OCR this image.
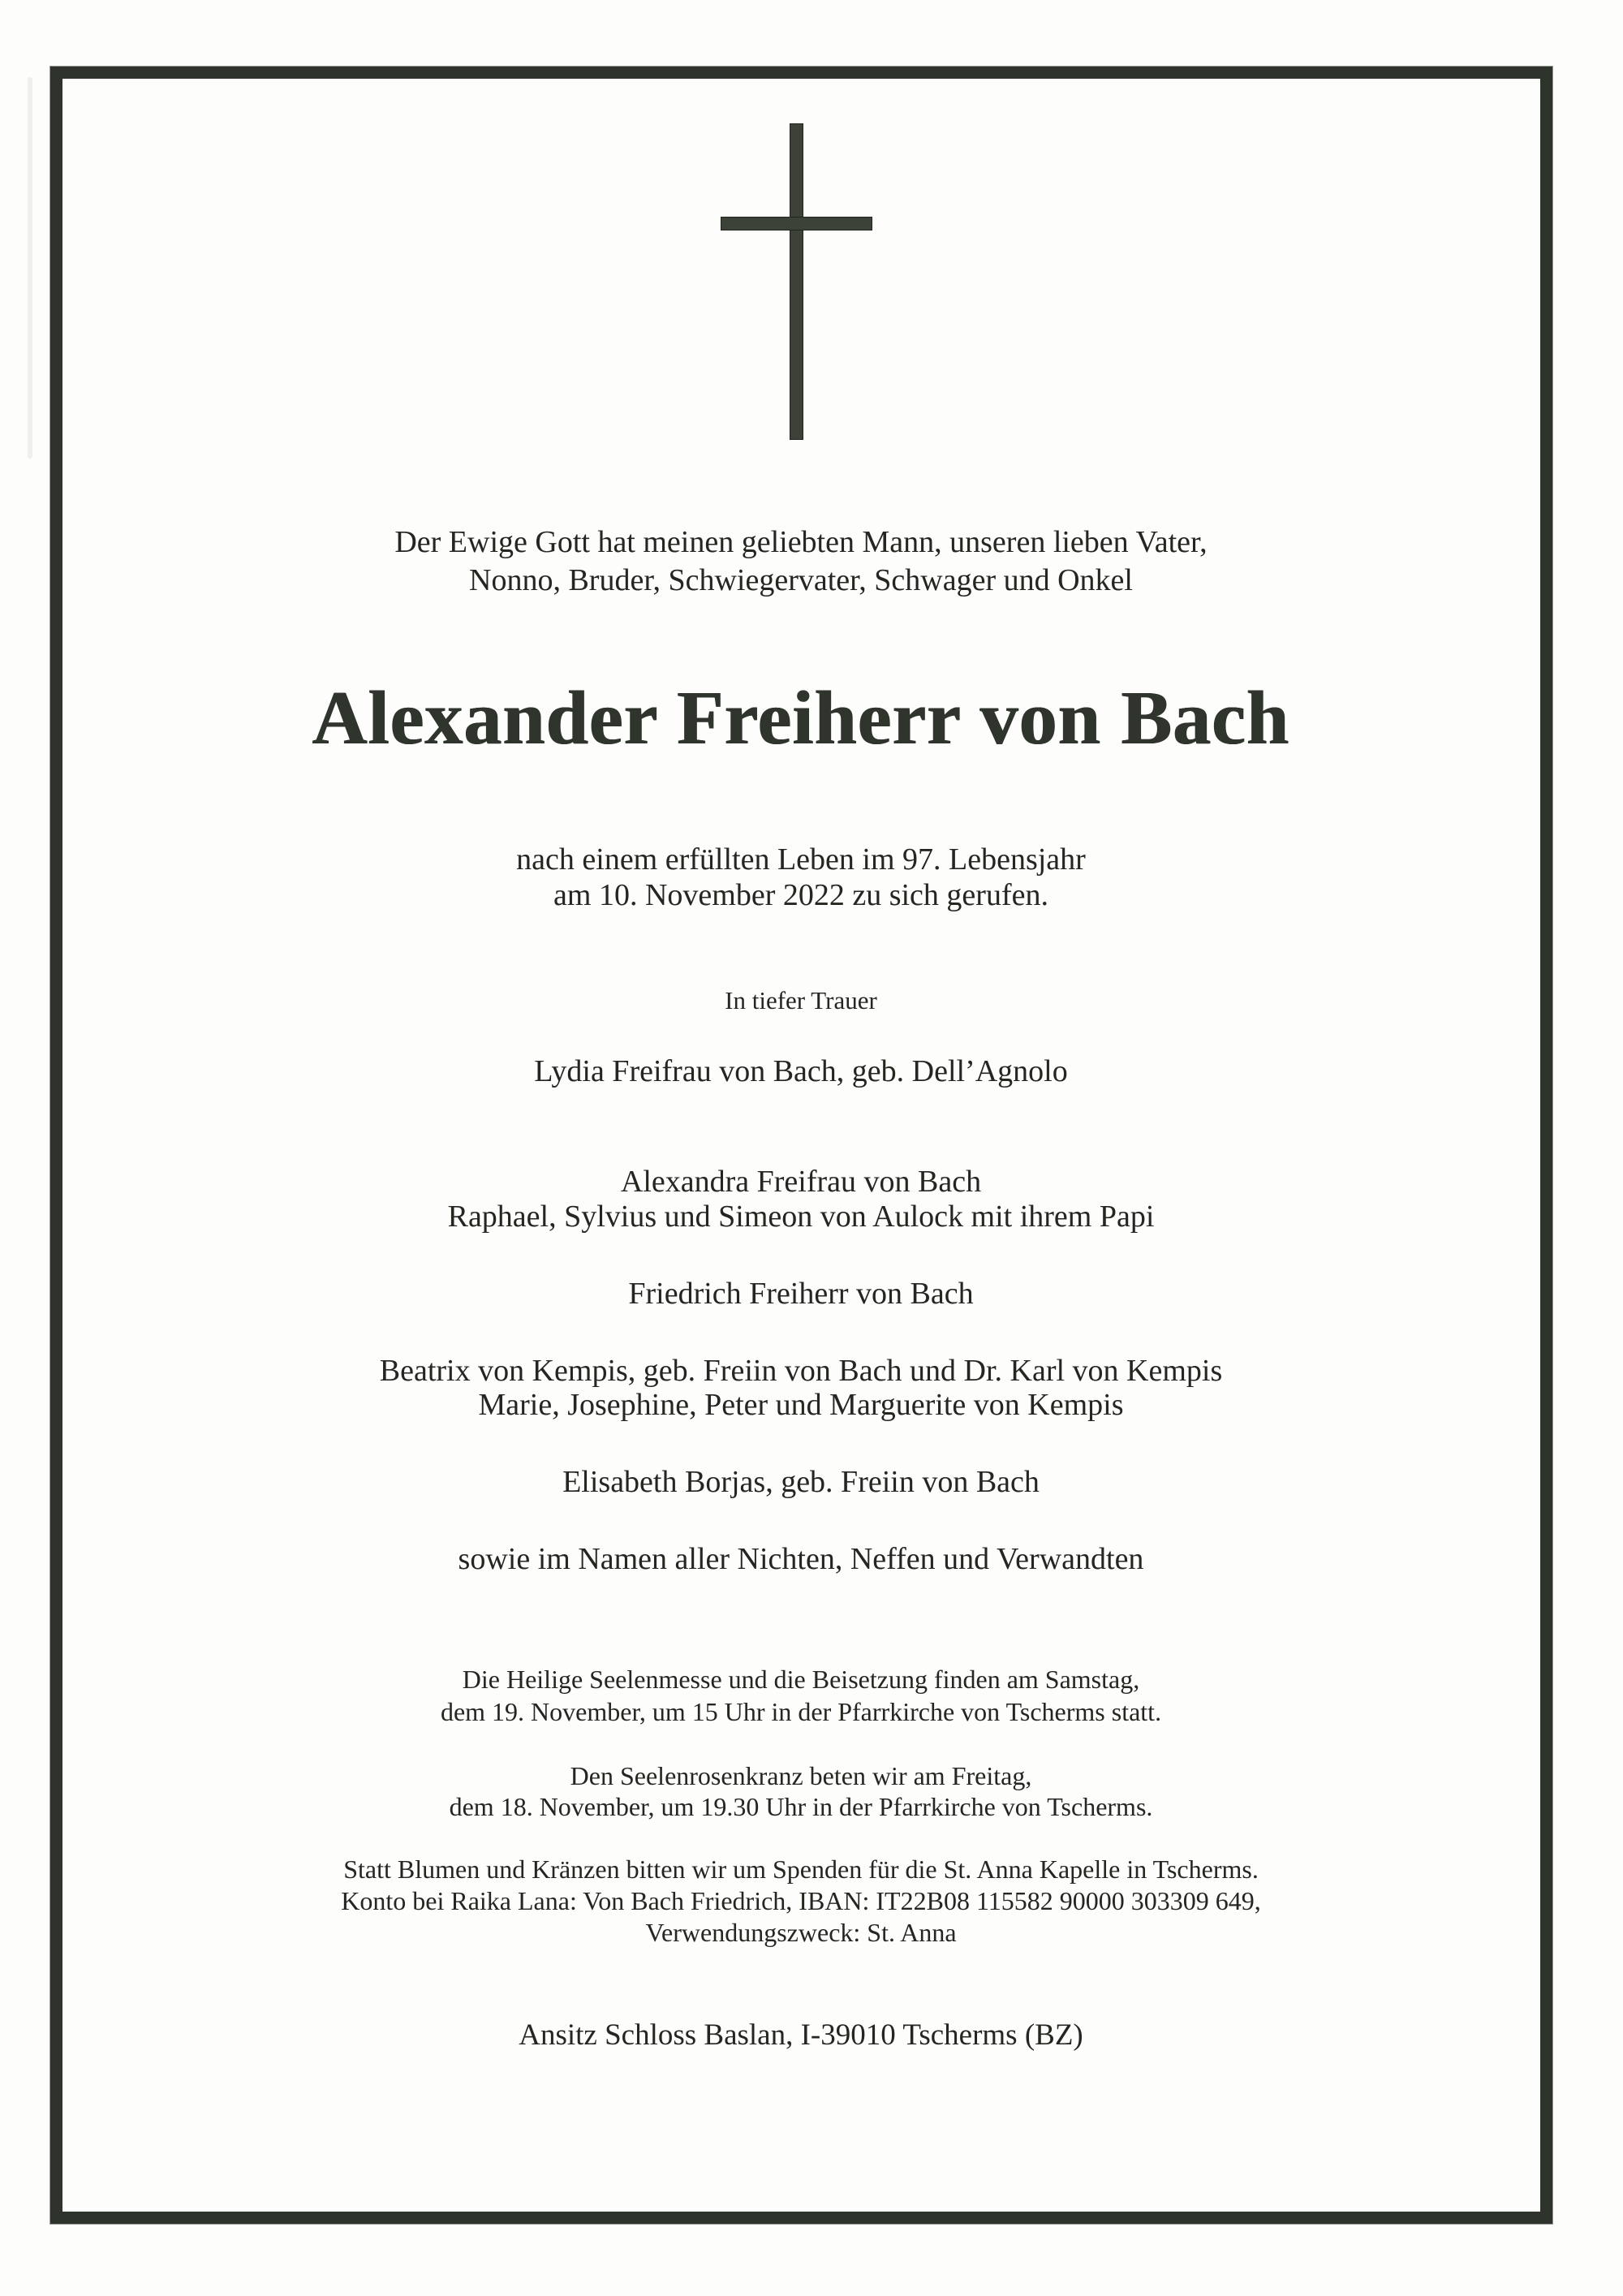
Der Ewige Gott hat meinen geliebten Mann, unseren lieben Vater,
Nonno, Bruder, Schwiegervater, Schwager und Onkel
Alexander Freiherr von Bach
nach einem erfüllten Leben im 97. Lebensjahr
am 10. November 2022 zu sich gerufen.
In tiefer Trauer
Lydia Freifrau von Bach, geb. Dell’Agnolo
Alexandra Freifrau von Bach
Raphael, Sylvius und Simeon von Aulock mit ihrem Papi
Friedrich Freiherr von Bach
Beatrix von Kempis, geb. Freiin von Bach und Dr. Karl von Kempis
Marie, Josephine, Peter und Marguerite von Kempis
Elisabeth Borjas, geb. Freiin von Bach
sowie im Namen aller Nichten, Neffen und Verwandten
Die Heilige Seelenmesse und die Beisetzung finden am Samstag,
dem 19. November, um 15 Uhr in der Pfarrkirche von Tscherms statt.
Den Seelenrosenkranz beten wir am Freitag,
dem 18. November, um 19.30 Uhr in der Pfarrkirche von Tscherms.
Statt Blumen und Kränzen bitten wir um Spenden für die St. Anna Kapelle in Tscherms.
Konto bei Raika Lana: Von Bach Friedrich, IBAN: IT22B08 115582 90000 303309 649,
Verwendungszweck: St. Anna
Ansitz Schloss Baslan, I-39010 Tscherms (BZ)
